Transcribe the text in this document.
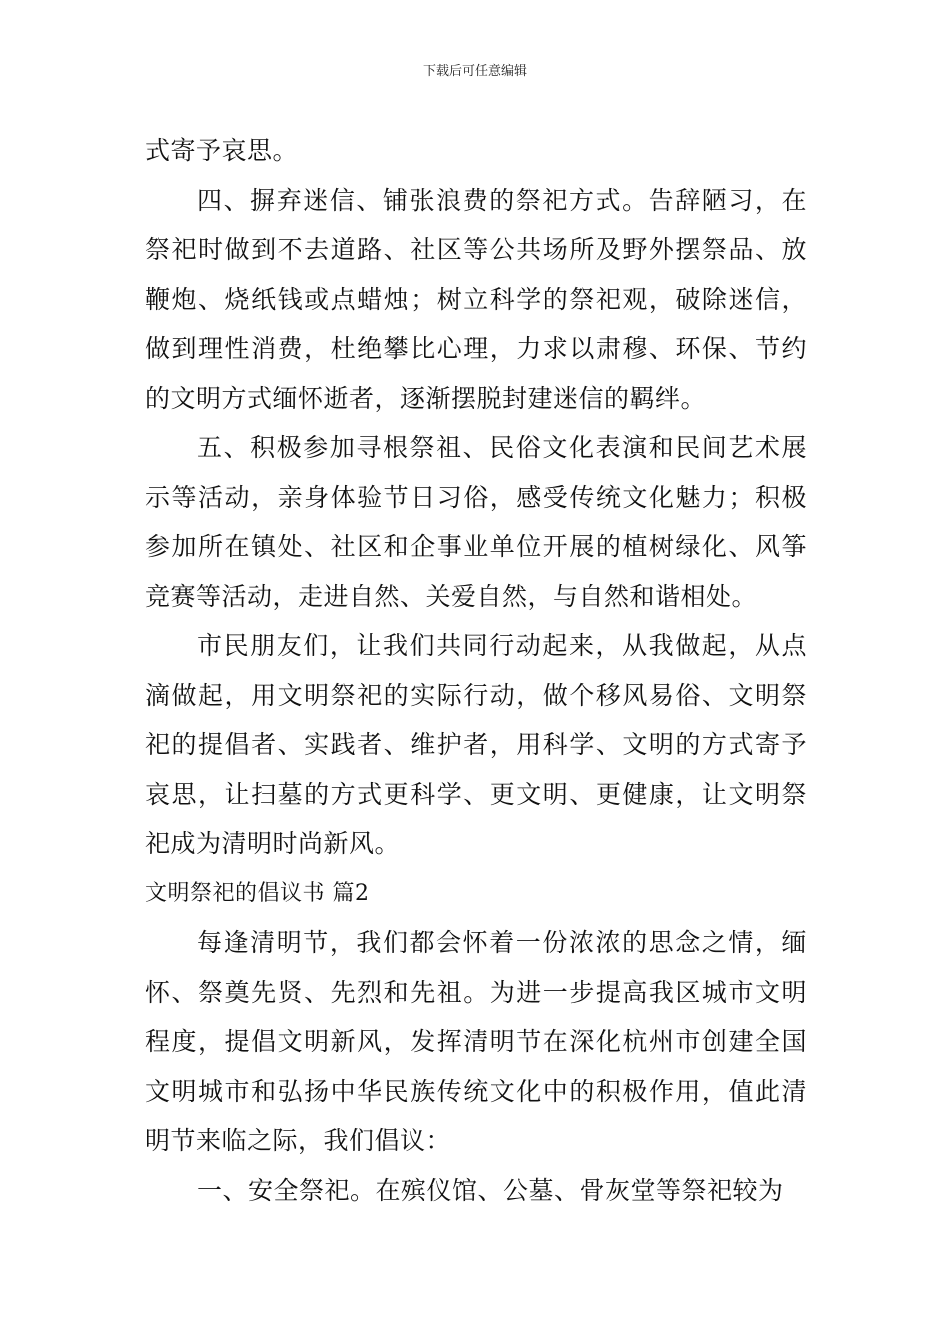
下载后可任意编辑

式寄予哀思。

四、摒弃迷信、铺张浪费的祭祀方式。告辞陋习，在祭祀时做到不去道路、社区等公共场所及野外摆祭品、放鞭炮、烧纸钱或点蜡烛；树立科学的祭祀观，破除迷信，做到理性消费，杜绝攀比心理，力求以肃穆、环保、节约的文明方式缅怀逝者，逐渐摆脱封建迷信的羁绊。

五、积极参加寻根祭祖、民俗文化表演和民间艺术展示等活动，亲身体验节日习俗，感受传统文化魅力；积极参加所在镇处、社区和企事业单位开展的植树绿化、风筝竞赛等活动，走进自然、关爱自然，与自然和谐相处。

市民朋友们，让我们共同行动起来，从我做起，从点滴做起，用文明祭祀的实际行动，做个移风易俗、文明祭祀的提倡者、实践者、维护者，用科学、文明的方式寄予哀思，让扫墓的方式更科学、更文明、更健康，让文明祭祀成为清明时尚新风。

文明祭祀的倡议书 篇2

每逢清明节，我们都会怀着一份浓浓的思念之情，缅怀、祭奠先贤、先烈和先祖。为进一步提高我区城市文明程度，提倡文明新风，发挥清明节在深化杭州市创建全国文明城市和弘扬中华民族传统文化中的积极作用，值此清明节来临之际，我们倡议：

一、安全祭祀。在殡仪馆、公墓、骨灰堂等祭祀较为
